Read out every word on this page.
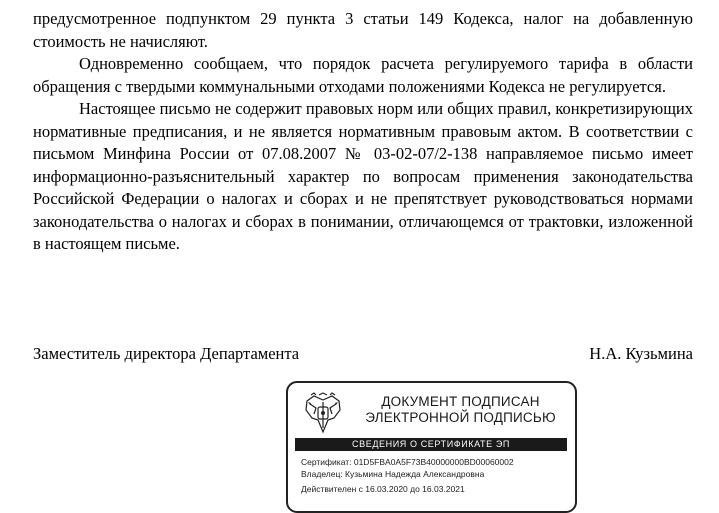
предусмотренное подпунктом 29 пункта 3 статьи 149 Кодекса, налог на добавленную стоимость не начисляют.

Одновременно сообщаем, что порядок расчета регулируемого тарифа в области обращения с твердыми коммунальными отходами положениями Кодекса не регулируется.

Настоящее письмо не содержит правовых норм или общих правил, конкретизирующих нормативные предписания, и не является нормативным правовым актом. В соответствии с письмом Минфина России от 07.08.2007 № 03-02-07/2-138 направляемое письмо имеет информационно-разъяснительный характер по вопросам применения законодательства Российской Федерации о налогах и сборах и не препятствует руководствоваться нормами законодательства о налогах и сборах в понимании, отличающемся от трактовки, изложенной в настоящем письме.

Заместитель директора Департамента	Н.А. Кузьмина
ДОКУМЕНТ ПОДПИСАН
ЭЛЕКТРОННОЙ ПОДПИСЬЮ
СВЕДЕНИЯ О СЕРТИФИКАТЕ ЭП
Сертификат: 01D5FBA0A5F73B40000000BD00060002
Владелец: Кузьмина Надежда Александровна
Действителен с 16.03.2020 до 16.03.2021
